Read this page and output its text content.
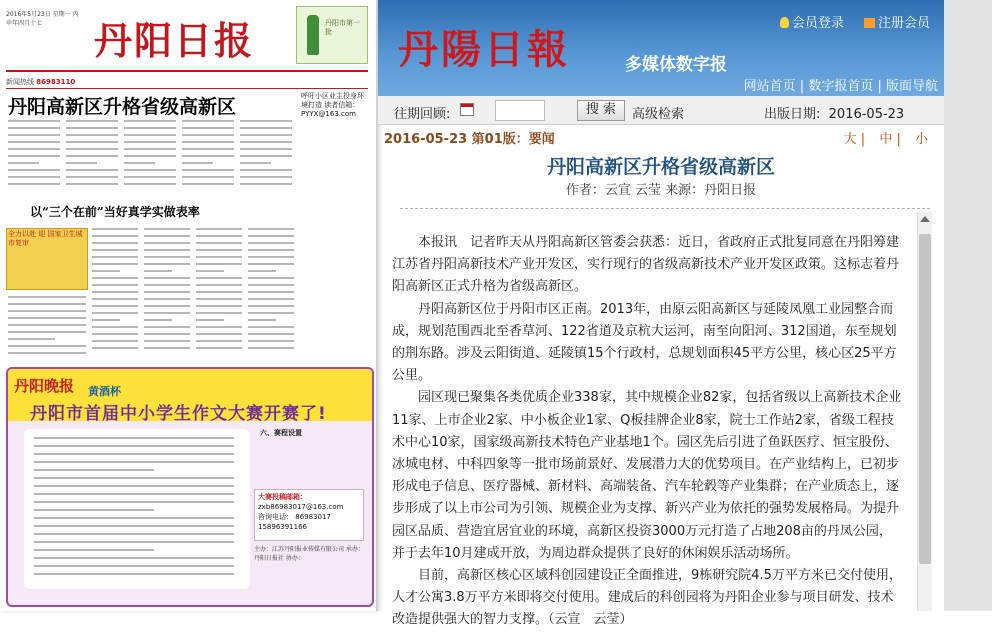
2016年5月23日 星期一 丙申年四月十七	丹阳日报	丹阳市第一批
新闻热线 86983110
丹阳高新区升格省级高新区	呼吁小区业主投身环境打造 读者信箱：PYYX@163.com
以“三个在前”当好真学实做表率
全力以赴 迎 国家卫生城市复审
丹阳晚报 黄酒杯
丹阳市首届中小学生作文大赛开赛了!
六、赛程设置
大赛投稿邮箱：
zxb86983017@163.com
咨询电话： 86983017　15896391166
主办：江苏丹阳报业传媒有限公司 承办：丹阳日报社 协办：
丹陽日報	多媒体数字报
会员登录	注册会员
网站首页 | 数字报首页 | 版面导航
往期回顾:	搜 索	高级检索	出版日期: 2016-05-23
2016-05-23 第01版：要闻	大 | 中 | 小
丹阳高新区升格省级高新区
作者：云宣 云莹 来源：丹阳日报

本报讯　记者昨天从丹阳高新区管委会获悉：近日，省政府正式批复同意在丹阳筹建江苏省丹阳高新技术产业开发区，实行现行的省级高新技术产业开发区政策。这标志着丹阳高新区正式升格为省级高新区。

丹阳高新区位于丹阳市区正南。2013年，由原云阳高新区与延陵凤凰工业园整合而成，规划范围西北至香草河、122省道及京杭大运河，南至向阳河、312国道，东至规划的荆东路。涉及云阳街道、延陵镇15个行政村，总规划面积45平方公里，核心区25平方公里。

园区现已聚集各类优质企业338家，其中规模企业82家，包括省级以上高新技术企业11家、上市企业2家、中小板企业1家、Q板挂牌企业8家，院士工作站2家，省级工程技术中心10家，国家级高新技术特色产业基地1个。园区先后引进了鱼跃医疗、恒宝股份、冰城电材、中科四象等一批市场前景好、发展潜力大的优势项目。在产业结构上，已初步形成电子信息、医疗器械、新材料、高端装备、汽车轮毂等产业集群；在产业质态上，逐步形成了以上市公司为引领、规模企业为支撑、新兴产业为依托的强势发展格局。为提升园区品质、营造宜居宜业的环境，高新区投资3000万元打造了占地208亩的丹凤公园，并于去年10月建成开放，为周边群众提供了良好的休闲娱乐活动场所。

目前，高新区核心区域科创园建设正全面推进，9栋研究院4.5万平方米已交付使用，人才公寓3.8万平方米即将交付使用。建成后的科创园将为丹阳企业参与项目研发、技术改造提供强大的智力支撑。（云宣　云莹）
